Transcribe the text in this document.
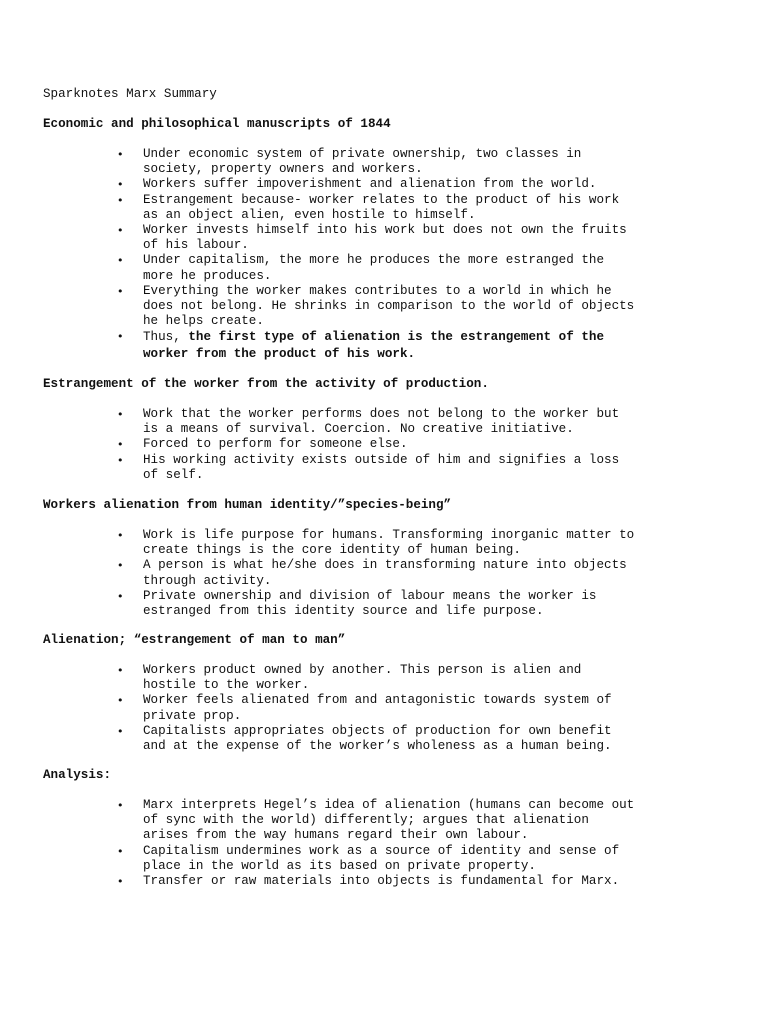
Sparknotes Marx Summary
Economic and philosophical manuscripts of 1844
• Under economic system of private ownership, two classes in
society, property owners and workers.
• Workers suffer impoverishment and alienation from the world.
• Estrangement because- worker relates to the product of his work
as an object alien, even hostile to himself.
• Worker invests himself into his work but does not own the fruits
of his labour.
• Under capitalism, the more he produces the more estranged the
more he produces.
• Everything the worker makes contributes to a world in which he
does not belong. He shrinks in comparison to the world of objects
he helps create.
• Thus, the first type of alienation is the estrangement of the
worker from the product of his work.
Estrangement of the worker from the activity of production.
• Work that the worker performs does not belong to the worker but
is a means of survival. Coercion. No creative initiative.
• Forced to perform for someone else.
• His working activity exists outside of him and signifies a loss
of self.
Workers alienation from human identity/”species-being”
• Work is life purpose for humans. Transforming inorganic matter to
create things is the core identity of human being.
• A person is what he/she does in transforming nature into objects
through activity.
• Private ownership and division of labour means the worker is
estranged from this identity source and life purpose.
Alienation; “estrangement of man to man”
• Workers product owned by another. This person is alien and
hostile to the worker.
• Worker feels alienated from and antagonistic towards system of
private prop.
• Capitalists appropriates objects of production for own benefit
and at the expense of the worker’s wholeness as a human being.
Analysis:
• Marx interprets Hegel’s idea of alienation (humans can become out
of sync with the world) differently; argues that alienation
arises from the way humans regard their own labour.
• Capitalism undermines work as a source of identity and sense of
place in the world as its based on private property.
• Transfer or raw materials into objects is fundamental for Marx.
